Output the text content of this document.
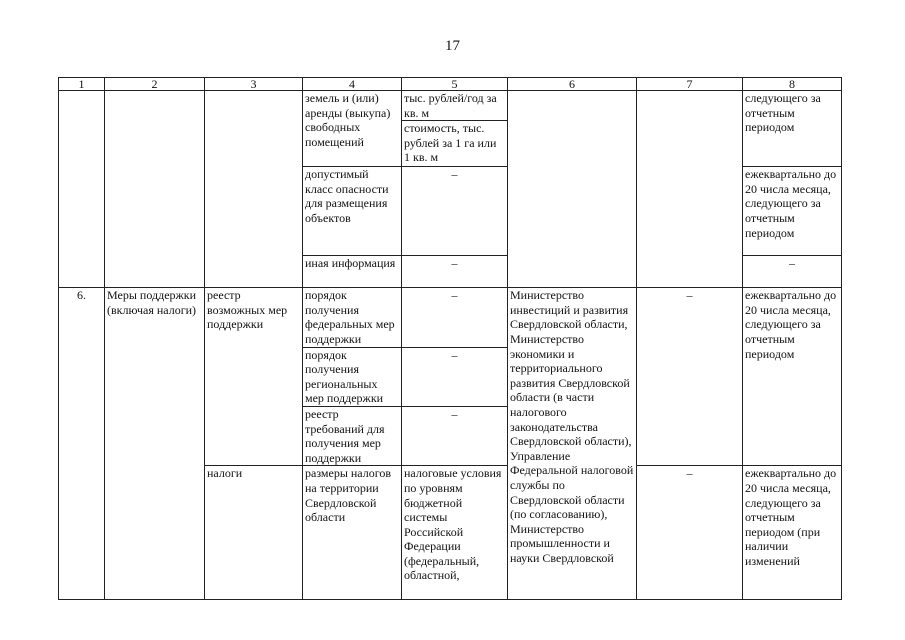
17
1	2	3	4	5	6	7	8
			земель и (или) аренды (выкупа) свободных помещений	тыс. рублей/год за кв. м			следующего за отчетным периодом
				стоимость, тыс. рублей за 1 га или 1 кв. м			
			допустимый класс опасности для размещения объектов	–			ежеквартально до 20 числа месяца, следующего за отчетным периодом
			иная информация	–			–
6.	Меры поддержки (включая налоги)	реестр возможных мер поддержки	порядок получения федеральных мер поддержки	–	Министерство инвестиций и развития Свердловской области, Министерство экономики и территориального развития Свердловской области (в части налогового законодательства Свердловской области), Управление Федеральной налоговой службы по Свердловской области (по согласованию), Министерство промышленности и науки Свердловской	–	ежеквартально до 20 числа месяца, следующего за отчетным периодом
			порядок получения региональных мер поддержки	–			
			реестр требований для получения мер поддержки	–			
		налоги	размеры налогов на территории Свердловской области	налоговые условия по уровням бюджетной системы Российской Федерации (федеральный, областной,		–	ежеквартально до 20 числа месяца, следующего за отчетным периодом (при наличии изменений
